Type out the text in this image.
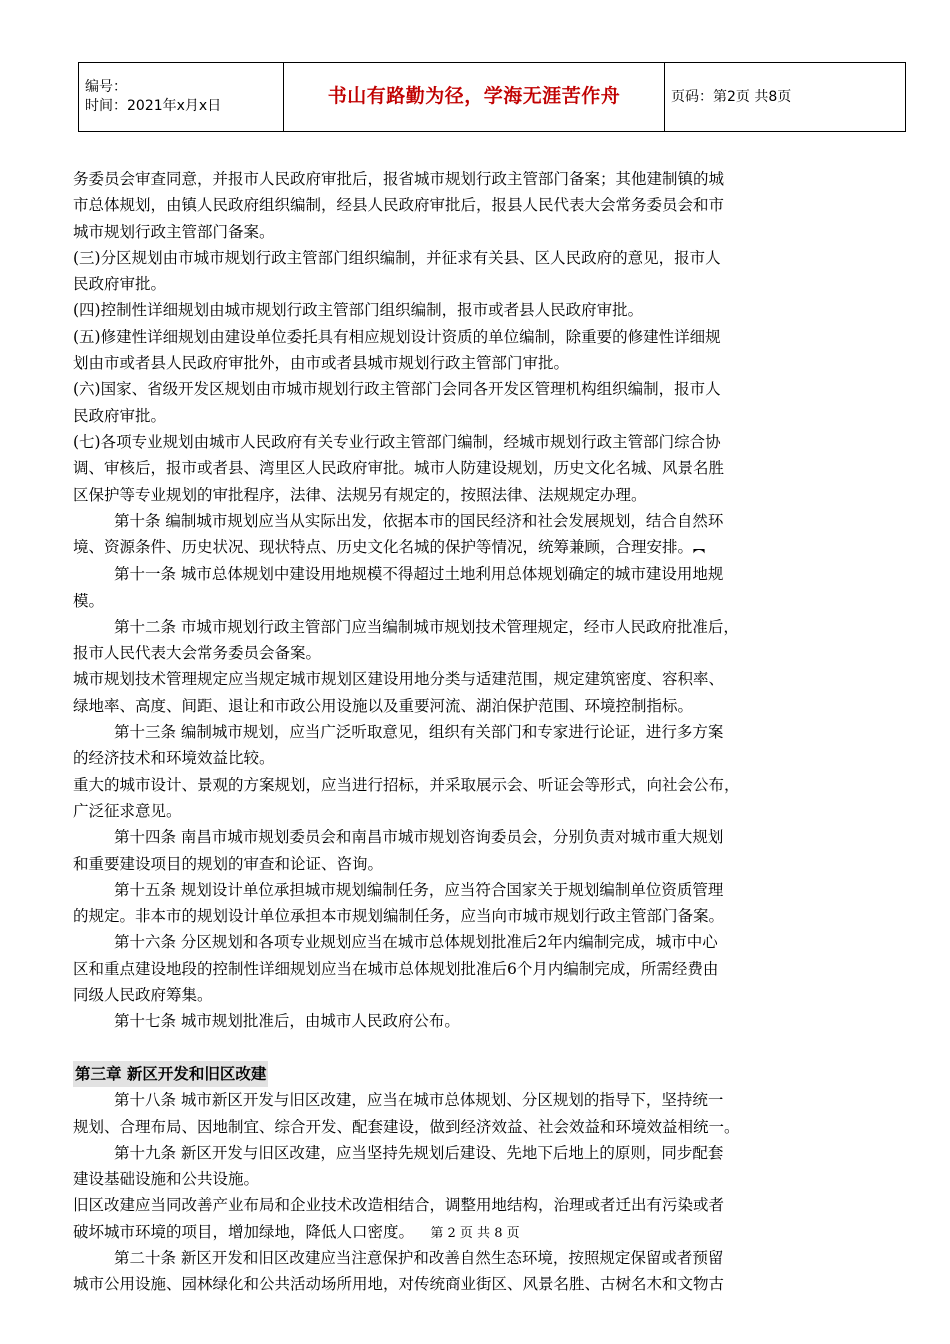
编号：
时间：2021年x月x日	书山有路勤为径，学海无涯苦作舟	页码：第2页 共8页

务委员会审查同意，并报市人民政府审批后，报省城市规划行政主管部门备案；其他建制镇的城

市总体规划，由镇人民政府组织编制，经县人民政府审批后，报县人民代表大会常务委员会和市

城市规划行政主管部门备案。

(三)分区规划由市城市规划行政主管部门组织编制，并征求有关县、区人民政府的意见，报市人

民政府审批。

(四)控制性详细规划由城市规划行政主管部门组织编制，报市或者县人民政府审批。

(五)修建性详细规划由建设单位委托具有相应规划设计资质的单位编制，除重要的修建性详细规

划由市或者县人民政府审批外，由市或者县城市规划行政主管部门审批。

(六)国家、省级开发区规划由市城市规划行政主管部门会同各开发区管理机构组织编制，报市人

民政府审批。

(七)各项专业规划由城市人民政府有关专业行政主管部门编制，经城市规划行政主管部门综合协

调、审核后，报市或者县、湾里区人民政府审批。城市人防建设规划，历史文化名城、风景名胜

区保护等专业规划的审批程序，法律、法规另有规定的，按照法律、法规规定办理。

第十条 编制城市规划应当从实际出发，依据本市的国民经济和社会发展规划，结合自然环

境、资源条件、历史状况、现状特点、历史文化名城的保护等情况，统筹兼顾，合理安排。︻

第十一条 城市总体规划中建设用地规模不得超过土地利用总体规划确定的城市建设用地规

模。

第十二条 市城市规划行政主管部门应当编制城市规划技术管理规定，经市人民政府批准后，

报市人民代表大会常务委员会备案。

城市规划技术管理规定应当规定城市规划区建设用地分类与适建范围，规定建筑密度、容积率、

绿地率、高度、间距、退让和市政公用设施以及重要河流、湖泊保护范围、环境控制指标。

第十三条 编制城市规划，应当广泛听取意见，组织有关部门和专家进行论证，进行多方案

的经济技术和环境效益比较。

重大的城市设计、景观的方案规划，应当进行招标，并采取展示会、听证会等形式，向社会公布，

广泛征求意见。

第十四条 南昌市城市规划委员会和南昌市城市规划咨询委员会，分别负责对城市重大规划

和重要建设项目的规划的审查和论证、咨询。

第十五条 规划设计单位承担城市规划编制任务，应当符合国家关于规划编制单位资质管理

的规定。非本市的规划设计单位承担本市规划编制任务，应当向市城市规划行政主管部门备案。

第十六条 分区规划和各项专业规划应当在城市总体规划批准后2年内编制完成，城市中心

区和重点建设地段的控制性详细规划应当在城市总体规划批准后6个月内编制完成，所需经费由

同级人民政府筹集。

第十七条 城市规划批准后，由城市人民政府公布。

第三章 新区开发和旧区改建

第十八条 城市新区开发与旧区改建，应当在城市总体规划、分区规划的指导下，坚持统一

规划、合理布局、因地制宜、综合开发、配套建设，做到经济效益、社会效益和环境效益相统一。

第十九条 新区开发与旧区改建，应当坚持先规划后建设、先地下后地上的原则，同步配套

建设基础设施和公共设施。

旧区改建应当同改善产业布局和企业技术改造相结合，调整用地结构，治理或者迁出有污染或者

破坏城市环境的项目，增加绿地，降低人口密度。

第二十条 新区开发和旧区改建应当注意保护和改善自然生态环境，按照规定保留或者预留

城市公用设施、园林绿化和公共活动场所用地，对传统商业街区、风景名胜、古树名木和文物古

第 2 页 共 8 页
